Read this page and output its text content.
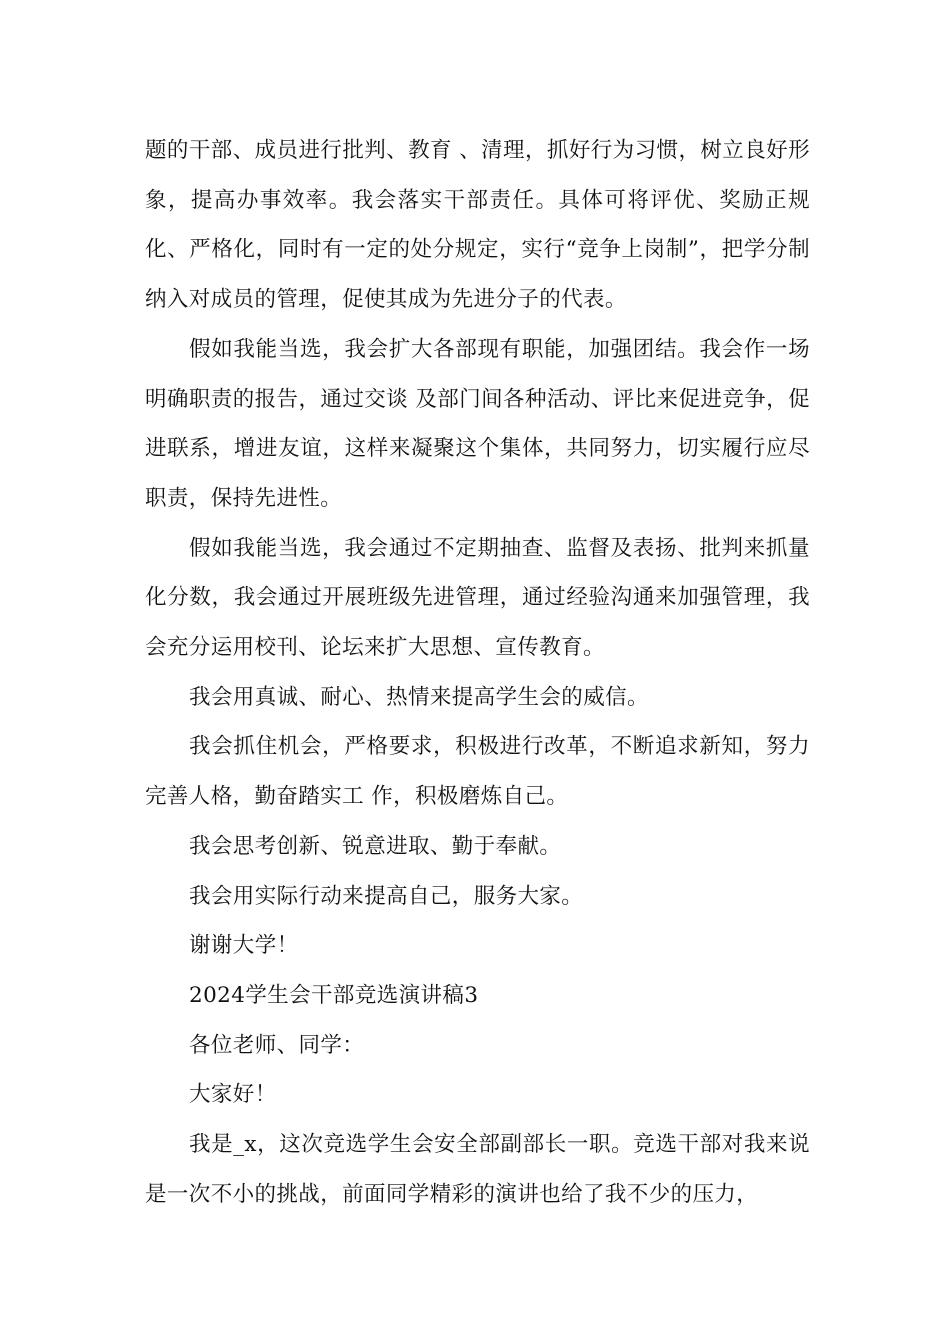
题的干部、成员进行批判、教育 、清理，抓好行为习惯，树立良好形象，提高办事效率。我会落实干部责任。具体可将评优、奖励正规化、严格化，同时有一定的处分规定，实行“竞争上岗制”，把学分制纳入对成员的管理，促使其成为先进分子的代表。

假如我能当选，我会扩大各部现有职能，加强团结。我会作一场明确职责的报告，通过交谈 及部门间各种活动、评比来促进竞争，促进联系，增进友谊，这样来凝聚这个集体，共同努力，切实履行应尽职责，保持先进性。

假如我能当选，我会通过不定期抽查、监督及表扬、批判来抓量化分数，我会通过开展班级先进管理，通过经验沟通来加强管理，我会充分运用校刊、论坛来扩大思想、宣传教育。

我会用真诚、耐心、热情来提高学生会的威信。

我会抓住机会，严格要求，积极进行改革，不断追求新知，努力完善人格，勤奋踏实工 作，积极磨炼自己。

我会思考创新、锐意进取、勤于奉献。

我会用实际行动来提高自己，服务大家。

谢谢大学！

2024学生会干部竞选演讲稿3

各位老师、同学：

大家好！

我是_x，这次竞选学生会安全部副部长一职。竞选干部对我来说是一次不小的挑战，前面同学精彩的演讲也给了我不少的压力，
